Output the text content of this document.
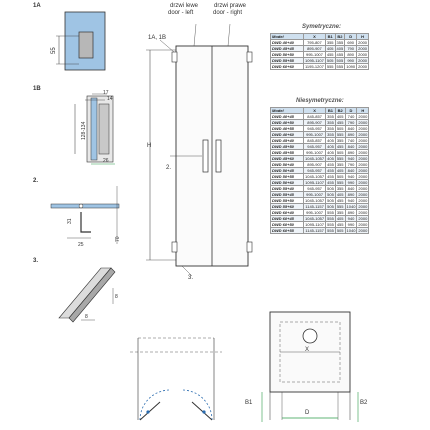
1A
55
1B
17
14
128-134
26
2.
31
25
70
3.
8
8
drzwi lewe
door - left
drzwi prawe
door - right
1A, 1B
2.
3.
H
Symetryczne:
Model	X	B1	B2	D	H
DWD 40+40	795-807	355	355	690	2000
DWD 45+45	895-907	405	405	790	2000
DWD 50+50	995-1007	455	455	890	2000
DWD 55+55	1095-1107	505	505	990	2000
DWD 60+60	1195-1207	555	555	1090	2000
Niesymetryczne:
Model	X	B1	B2	D	H
DWD 40+45	845-857	355	405	740	2000
DWD 40+50	895-907	355	455	790	2000
DWD 40+55	945-957	355	505	840	2000
DWD 40+60	995-1007	355	555	890	2000
DWD 45+40	845-857	405	355	740	2000
DWD 45+50	945-957	405	455	840	2000
DWD 45+55	995-1007	405	505	890	2000
DWD 45+60	1045-1057	405	555	940	2000
DWD 50+40	895-907	455	355	790	2000
DWD 50+45	945-957	455	405	840	2000
DWD 50+55	1045-1057	455	505	940	2000
DWD 50+60	1095-1107	455	555	990	2000
DWD 55+40	945-957	505	355	840	2000
DWD 55+45	995-1007	505	405	890	2000
DWD 55+50	1045-1057	505	455	940	2000
DWD 55+60	1145-1157	505	555	1040	2000
DWD 60+40	995-1007	555	355	890	2000
DWD 60+45	1045-1057	555	405	940	2000
DWD 60+50	1095-1107	555	455	990	2000
DWD 60+55	1145-1157	555	505	1040	2000
X
B1
D
B2
